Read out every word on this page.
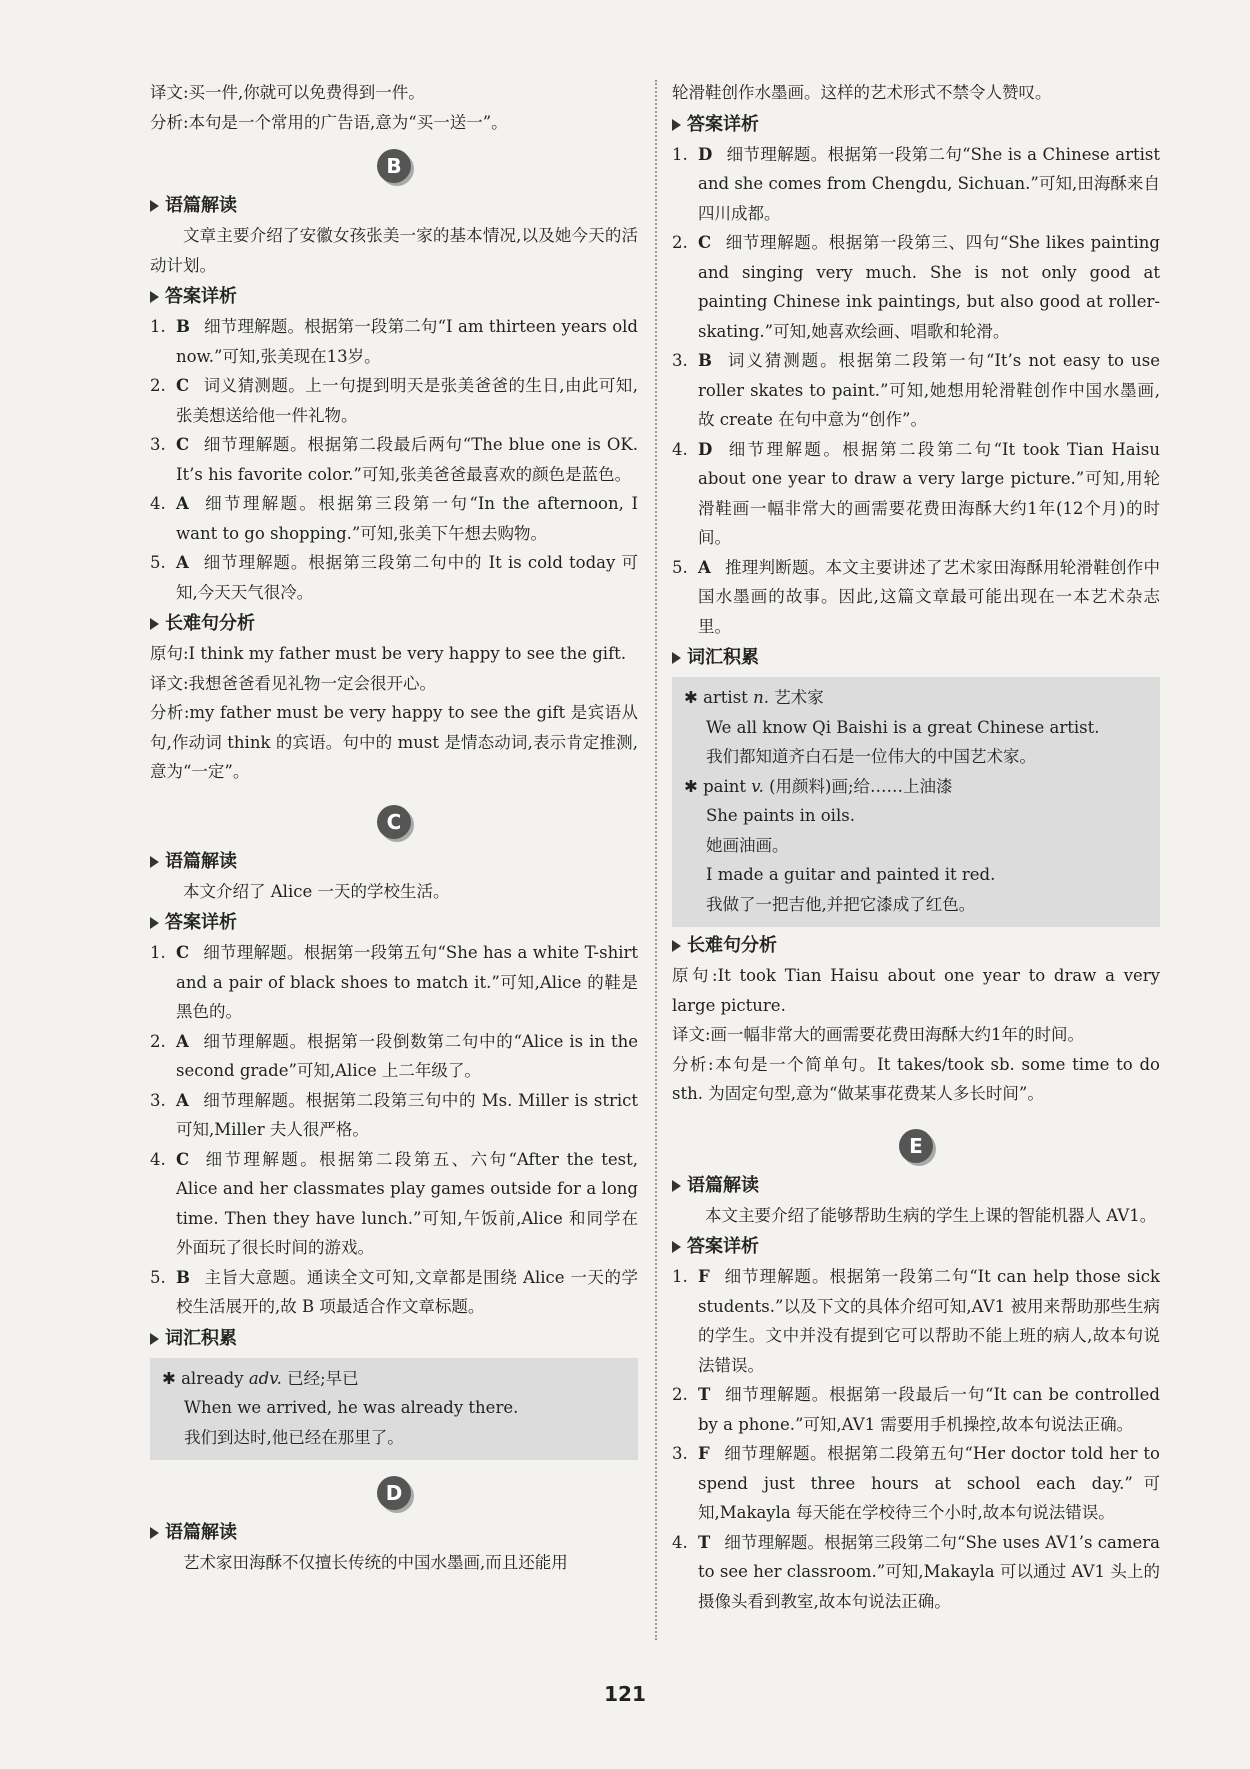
译文:买一件,你就可以免费得到一件。

分析:本句是一个常用的广告语,意为“买一送一”。

B
语篇解读

文章主要介绍了安徽女孩张美一家的基本情况,以及她今天的活动计划。

答案详析
1. B 细节理解题。根据第一段第二句“I am thirteen years old now.”可知,张美现在13岁。
2. C 词义猜测题。上一句提到明天是张美爸爸的生日,由此可知,张美想送给他一件礼物。
3. C 细节理解题。根据第二段最后两句“The blue one is OK. It’s his favorite color.”可知,张美爸爸最喜欢的颜色是蓝色。
4. A 细节理解题。根据第三段第一句“In the afternoon, I want to go shopping.”可知,张美下午想去购物。
5. A 细节理解题。根据第三段第二句中的 It is cold today 可知,今天天气很冷。
长难句分析

原句:I think my father must be very happy to see the gift.

译文:我想爸爸看见礼物一定会很开心。

分析:my father must be very happy to see the gift 是宾语从句,作动词 think 的宾语。句中的 must 是情态动词,表示肯定推测,意为“一定”。

C
语篇解读

本文介绍了 Alice 一天的学校生活。

答案详析
1. C 细节理解题。根据第一段第五句“She has a white T-shirt and a pair of black shoes to match it.”可知,Alice 的鞋是黑色的。
2. A 细节理解题。根据第一段倒数第二句中的“Alice is in the second grade”可知,Alice 上二年级了。
3. A 细节理解题。根据第二段第三句中的 Ms. Miller is strict 可知,Miller 夫人很严格。
4. C 细节理解题。根据第二段第五、六句“After the test, Alice and her classmates play games outside for a long time. Then they have lunch.”可知,午饭前,Alice 和同学在外面玩了很长时间的游戏。
5. B 主旨大意题。通读全文可知,文章都是围绕 Alice 一天的学校生活展开的,故 B 项最适合作文章标题。
词汇积累

✱ already adv. 已经;早已

When we arrived, he was already there.

我们到达时,他已经在那里了。

D
语篇解读

艺术家田海酥不仅擅长传统的中国水墨画,而且还能用

轮滑鞋创作水墨画。这样的艺术形式不禁令人赞叹。

答案详析
1. D 细节理解题。根据第一段第二句“She is a Chinese artist and she comes from Chengdu, Sichuan.”可知,田海酥来自四川成都。
2. C 细节理解题。根据第一段第三、四句“She likes painting and singing very much. She is not only good at painting Chinese ink paintings, but also good at roller-skating.”可知,她喜欢绘画、唱歌和轮滑。
3. B 词义猜测题。根据第二段第一句“It’s not easy to use roller skates to paint.”可知,她想用轮滑鞋创作中国水墨画,故 create 在句中意为“创作”。
4. D 细节理解题。根据第二段第二句“It took Tian Haisu about one year to draw a very large picture.”可知,用轮滑鞋画一幅非常大的画需要花费田海酥大约1年(12个月)的时间。
5. A 推理判断题。本文主要讲述了艺术家田海酥用轮滑鞋创作中国水墨画的故事。因此,这篇文章最可能出现在一本艺术杂志里。
词汇积累

✱ artist n. 艺术家

We all know Qi Baishi is a great Chinese artist.

我们都知道齐白石是一位伟大的中国艺术家。

✱ paint v. (用颜料)画;给……上油漆

She paints in oils.

她画油画。

I made a guitar and painted it red.

我做了一把吉他,并把它漆成了红色。

长难句分析

原句:It took Tian Haisu about one year to draw a very large picture.

译文:画一幅非常大的画需要花费田海酥大约1年的时间。

分析:本句是一个简单句。It takes/took sb. some time to do sth. 为固定句型,意为“做某事花费某人多长时间”。

E
语篇解读

本文主要介绍了能够帮助生病的学生上课的智能机器人 AV1。

答案详析
1. F 细节理解题。根据第一段第二句“It can help those sick students.”以及下文的具体介绍可知,AV1 被用来帮助那些生病的学生。文中并没有提到它可以帮助不能上班的病人,故本句说法错误。
2. T 细节理解题。根据第一段最后一句“It can be controlled by a phone.”可知,AV1 需要用手机操控,故本句说法正确。
3. F 细节理解题。根据第二段第五句“Her doctor told her to spend just three hours at school each day.”可知,Makayla 每天能在学校待三个小时,故本句说法错误。
4. T 细节理解题。根据第三段第二句“She uses AV1’s camera to see her classroom.”可知,Makayla 可以通过 AV1 头上的摄像头看到教室,故本句说法正确。
121
